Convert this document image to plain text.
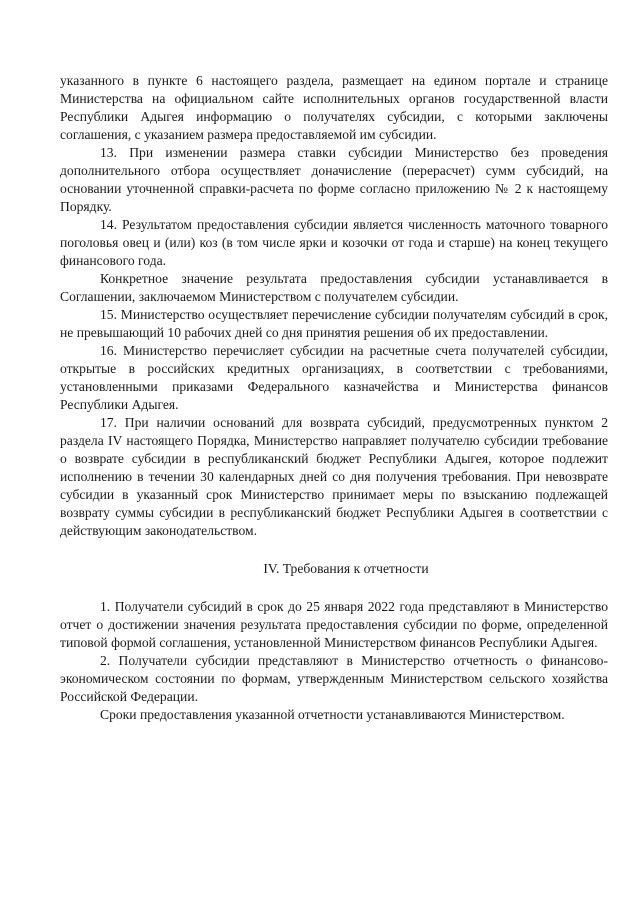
указанного в пункте 6 настоящего раздела, размещает на едином портале и странице Министерства на официальном сайте исполнительных органов государственной власти Республики Адыгея информацию о получателях субсидии, с которыми заключены соглашения, с указанием размера предоставляемой им субсидии.

13. При изменении размера ставки субсидии Министерство без проведения дополнительного отбора осуществляет доначисление (перерасчет) сумм субсидий, на основании уточненной справки-расчета по форме согласно приложению № 2 к настоящему Порядку.

14. Результатом предоставления субсидии является численность маточного товарного поголовья овец и (или) коз (в том числе ярки и козочки от года и старше) на конец текущего финансового года.

Конкретное значение результата предоставления субсидии устанавливается в Соглашении, заключаемом Министерством с получателем субсидии.

15. Министерство осуществляет перечисление субсидии получателям субсидий в срок, не превышающий 10 рабочих дней со дня принятия решения об их предоставлении.

16. Министерство перечисляет субсидии на расчетные счета получателей субсидии, открытые в российских кредитных организациях, в соответствии с требованиями, установленными приказами Федерального казначейства и Министерства финансов Республики Адыгея.

17. При наличии оснований для возврата субсидий, предусмотренных пунктом 2 раздела IV настоящего Порядка, Министерство направляет получателю субсидии требование о возврате субсидии в республиканский бюджет Республики Адыгея, которое подлежит исполнению в течении 30 календарных дней со дня получения требования. При невозврате субсидии в указанный срок Министерство принимает меры по взысканию подлежащей возврату суммы субсидии в республиканский бюджет Республики Адыгея в соответствии с действующим законодательством.

IV. Требования к отчетности

1. Получатели субсидий в срок до 25 января 2022 года представляют в Министерство отчет о достижении значения результата предоставления субсидии по форме, определенной типовой формой соглашения, установленной Министерством финансов Республики Адыгея.

2. Получатели субсидии представляют в Министерство отчетность о финансово-экономическом состоянии по формам, утвержденным Министерством сельского хозяйства Российской Федерации.

Сроки предоставления указанной отчетности устанавливаются Министерством.
